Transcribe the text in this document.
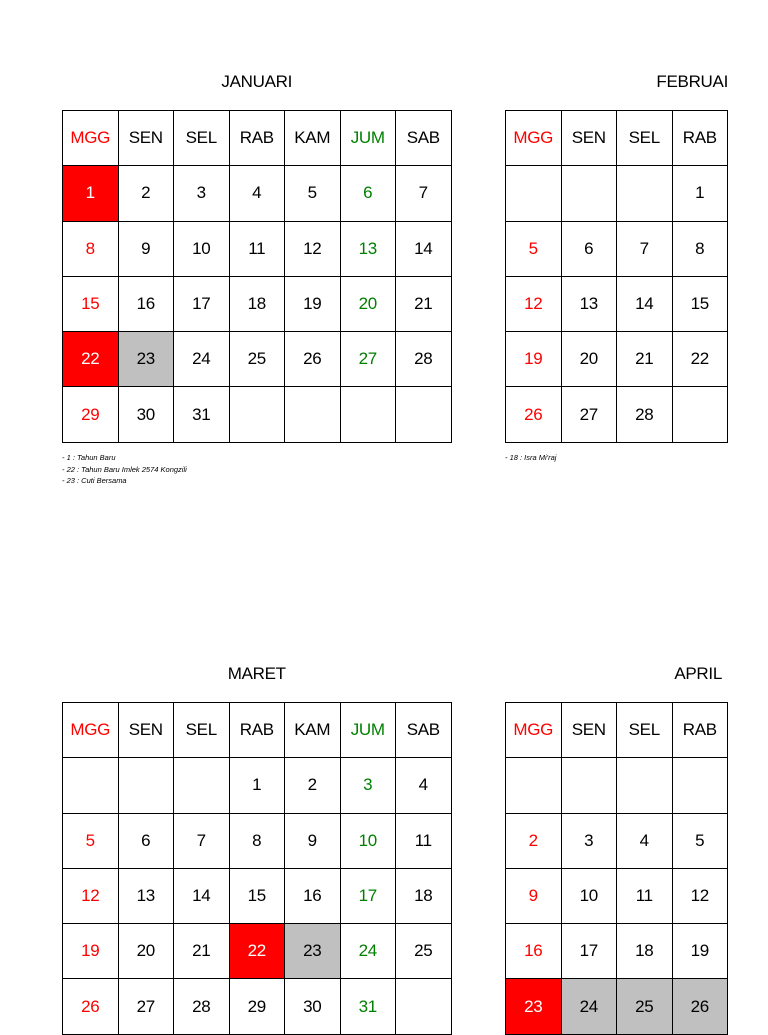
JANUARI
MGG	SEN	SEL	RAB	KAM	JUM	SAB
1	2	3	4	5	6	7
8	9	10	11	12	13	14
15	16	17	18	19	20	21
22	23	24	25	26	27	28
29	30	31				
- 1 : Tahun Baru
- 22 : Tahun Baru Imlek 2574 Kongzili
- 23 : Cuti Bersama
FEBRUAI
MGG	SEN	SEL	RAB
			1
5	6	7	8
12	13	14	15
19	20	21	22
26	27	28	
- 18 : Isra Mi'raj
MARET
MGG	SEN	SEL	RAB	KAM	JUM	SAB
			1	2	3	4
5	6	7	8	9	10	11
12	13	14	15	16	17	18
19	20	21	22	23	24	25
26	27	28	29	30	31	
APRIL
MGG	SEN	SEL	RAB

2	3	4	5
9	10	11	12
16	17	18	19
23	24	25	26
